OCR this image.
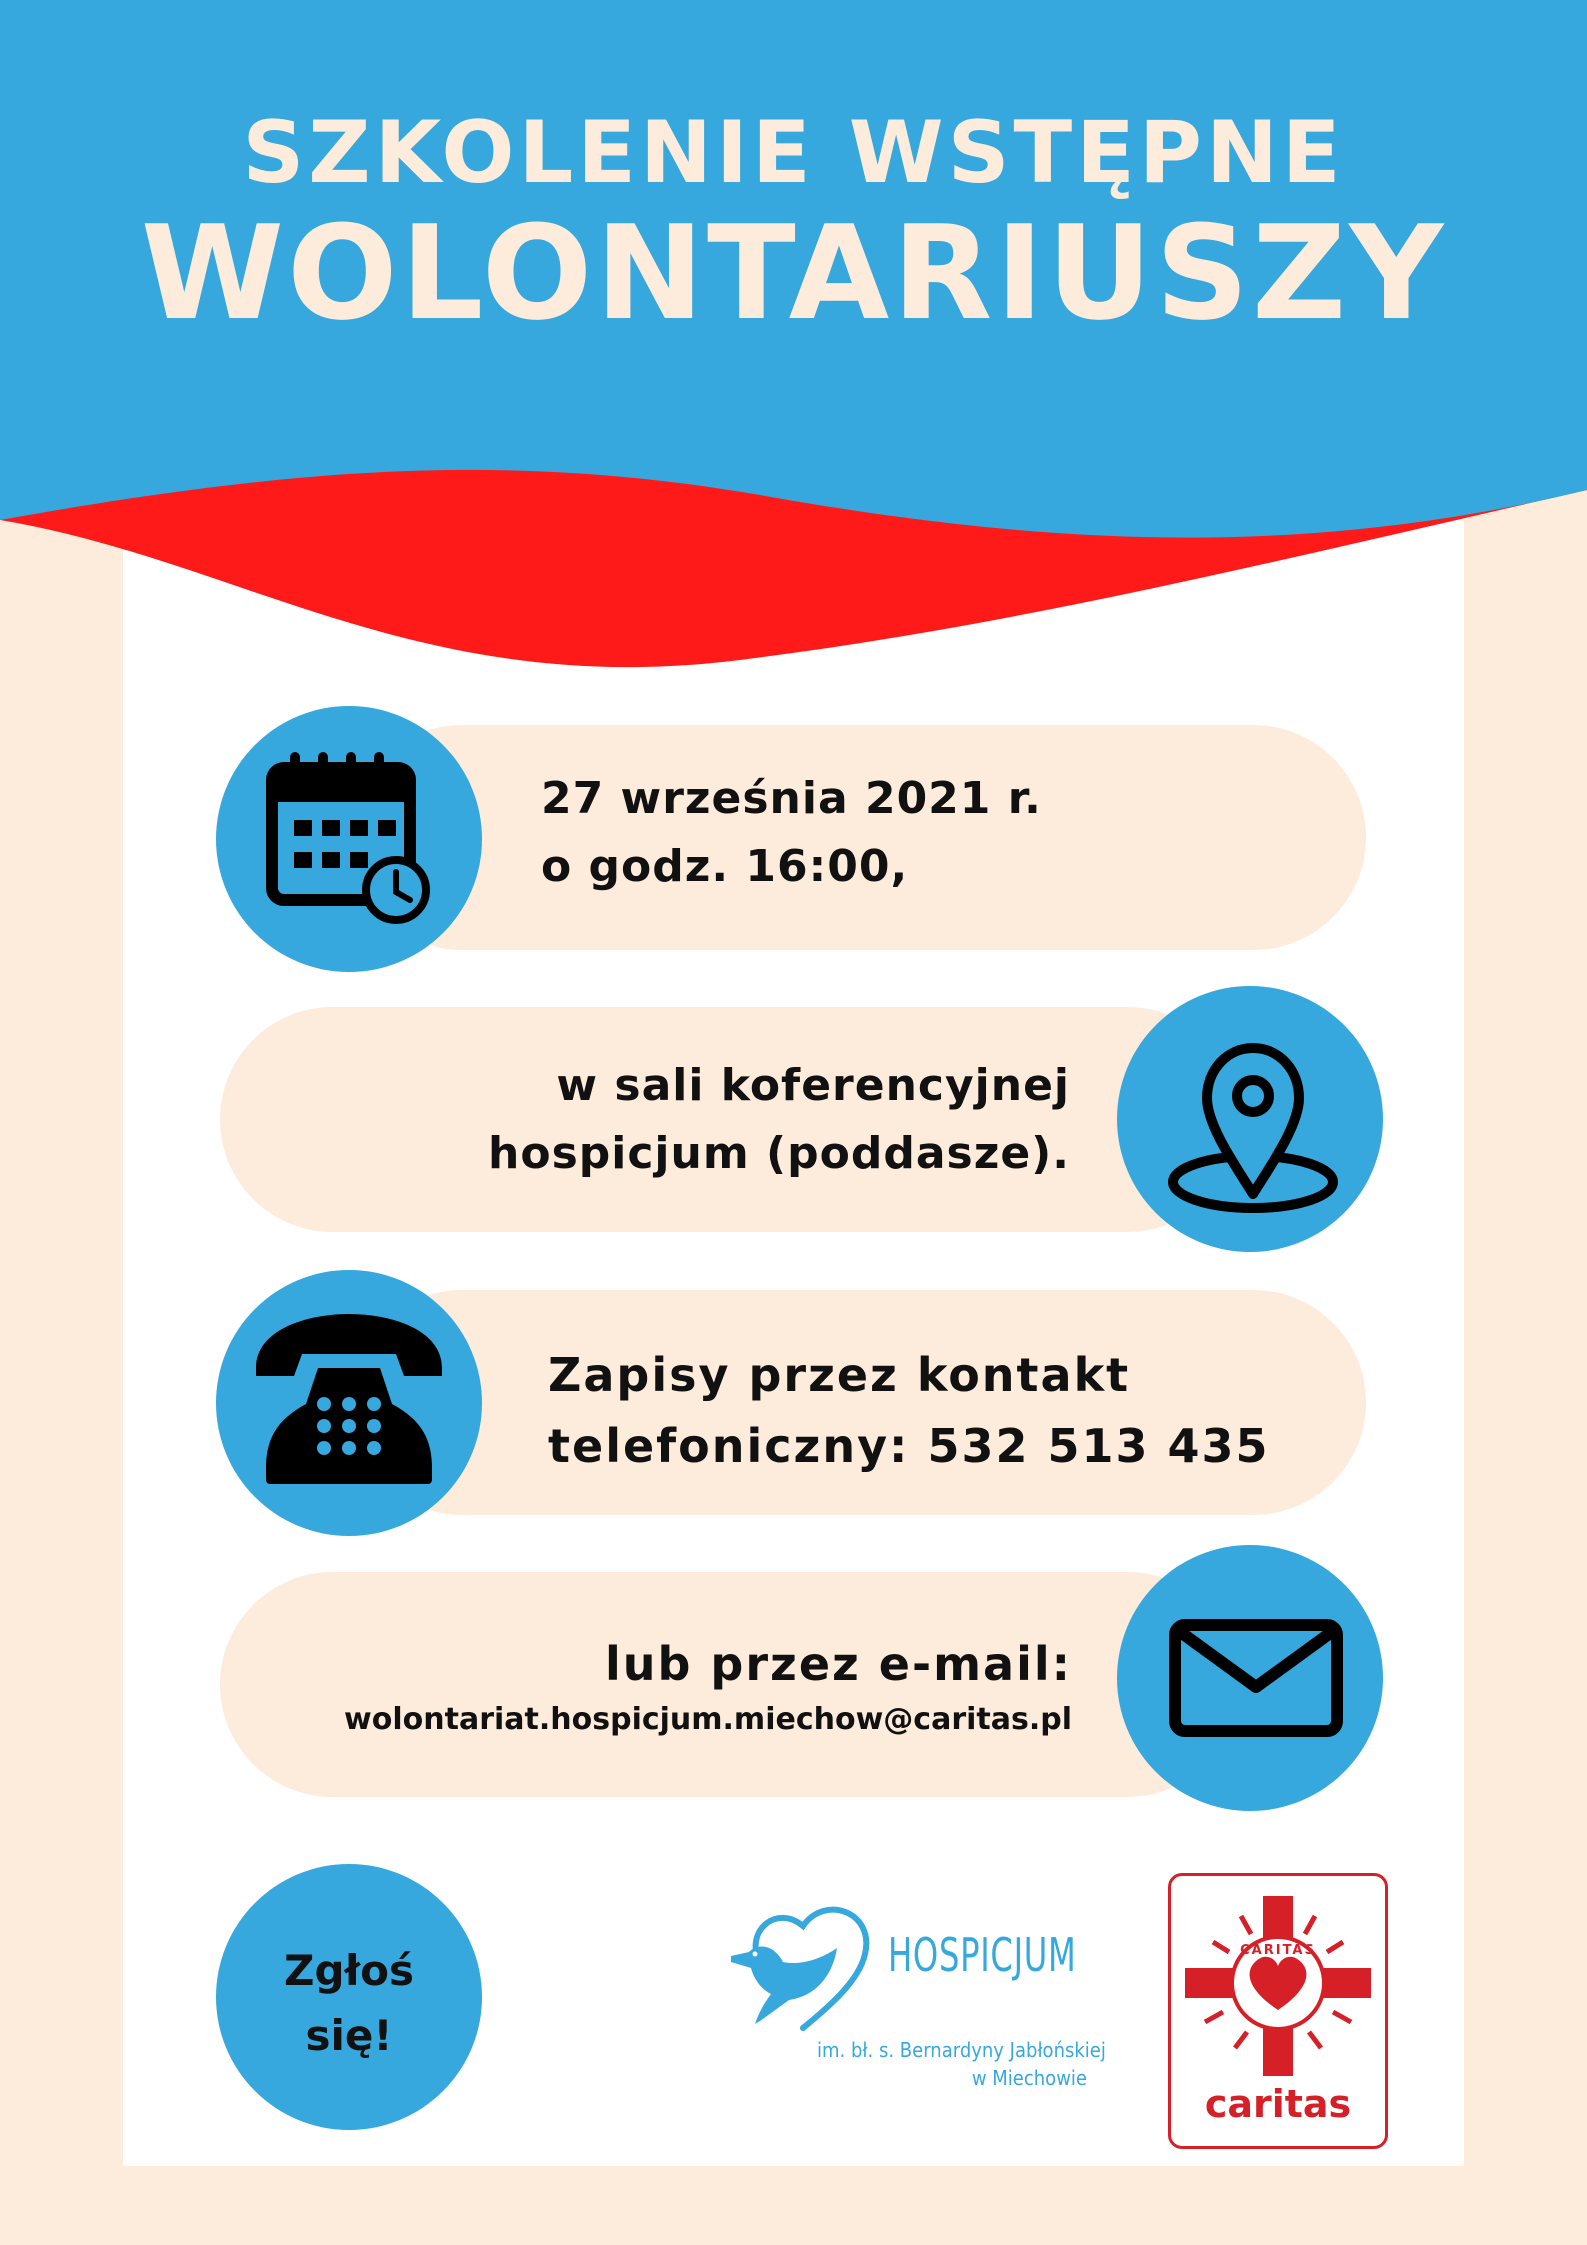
SZKOLENIE WSTĘPNE
WOLONTARIUSZY
27 września 2021 r.
o godz. 16:00,
w sali koferencyjnej
hospicjum (poddasze).
Zapisy przez kontakt
telefoniczny: 532 513 435
lub przez e-mail:
wolontariat.hospicjum.miechow@caritas.pl
Zgłoś
się!
HOSPICJUM
im. bł. s. Bernardyny Jabłońskiej
w Miechowie
CARITAS
caritas
